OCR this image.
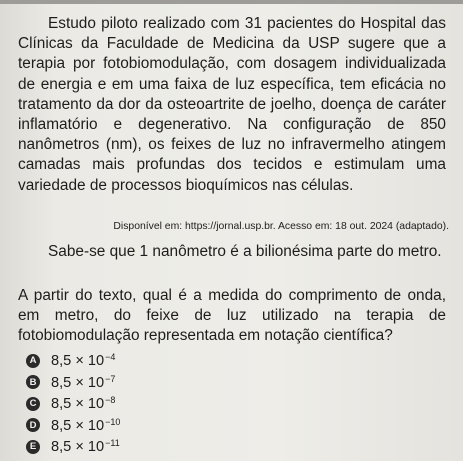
Estudo piloto realizado com 31 pacientes do Hospital das Clínicas da Faculdade de Medicina da USP sugere que a terapia por fotobiomodulação, com dosagem individualizada de energia e em uma faixa de luz específica, tem eficácia no tratamento da dor da osteoartrite de joelho, doença de caráter inflamatório e degenerativo. Na configuração de 850 nanômetros (nm), os feixes de luz no infravermelho atingem camadas mais profundas dos tecidos e estimulam uma variedade de processos bioquímicos nas células.

Disponível em: https://jornal.usp.br. Acesso em: 18 out. 2024 (adaptado).

Sabe-se que 1 nanômetro é a bilionésima parte do metro.

A partir do texto, qual é a medida do comprimento de onda, em metro, do feixe de luz utilizado na terapia de fotobiomodulação representada em notação científica?

A $8,5 \times 10^{-4}$
B $8,5 \times 10^{-7}$
C $8,5 \times 10^{-8}$
D $8,5 \times 10^{-10}$
E $8,5 \times 10^{-11}$
